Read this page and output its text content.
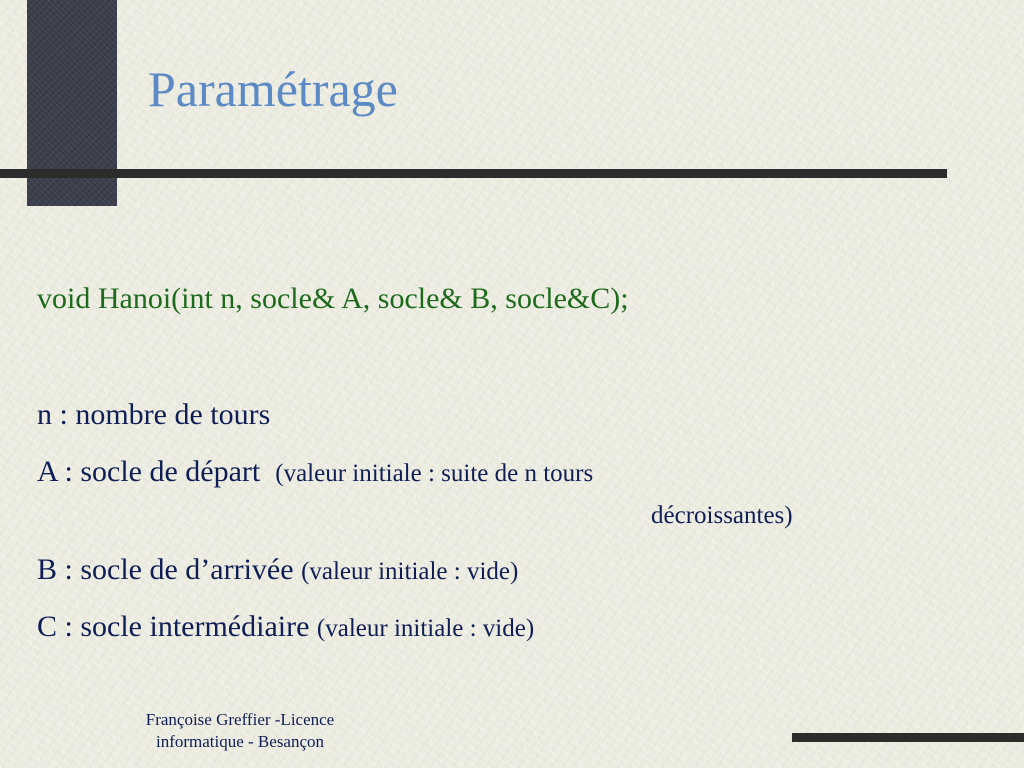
Paramétrage
void Hanoi(int n, socle& A, socle& B, socle&C);
n : nombre de tours
A : socle de départ (valeur initiale : suite de n tours
décroissantes)
B : socle de d’arrivée (valeur initiale : vide)
C : socle intermédiaire (valeur initiale : vide)
Françoise Greffier -Licence
informatique - Besançon
